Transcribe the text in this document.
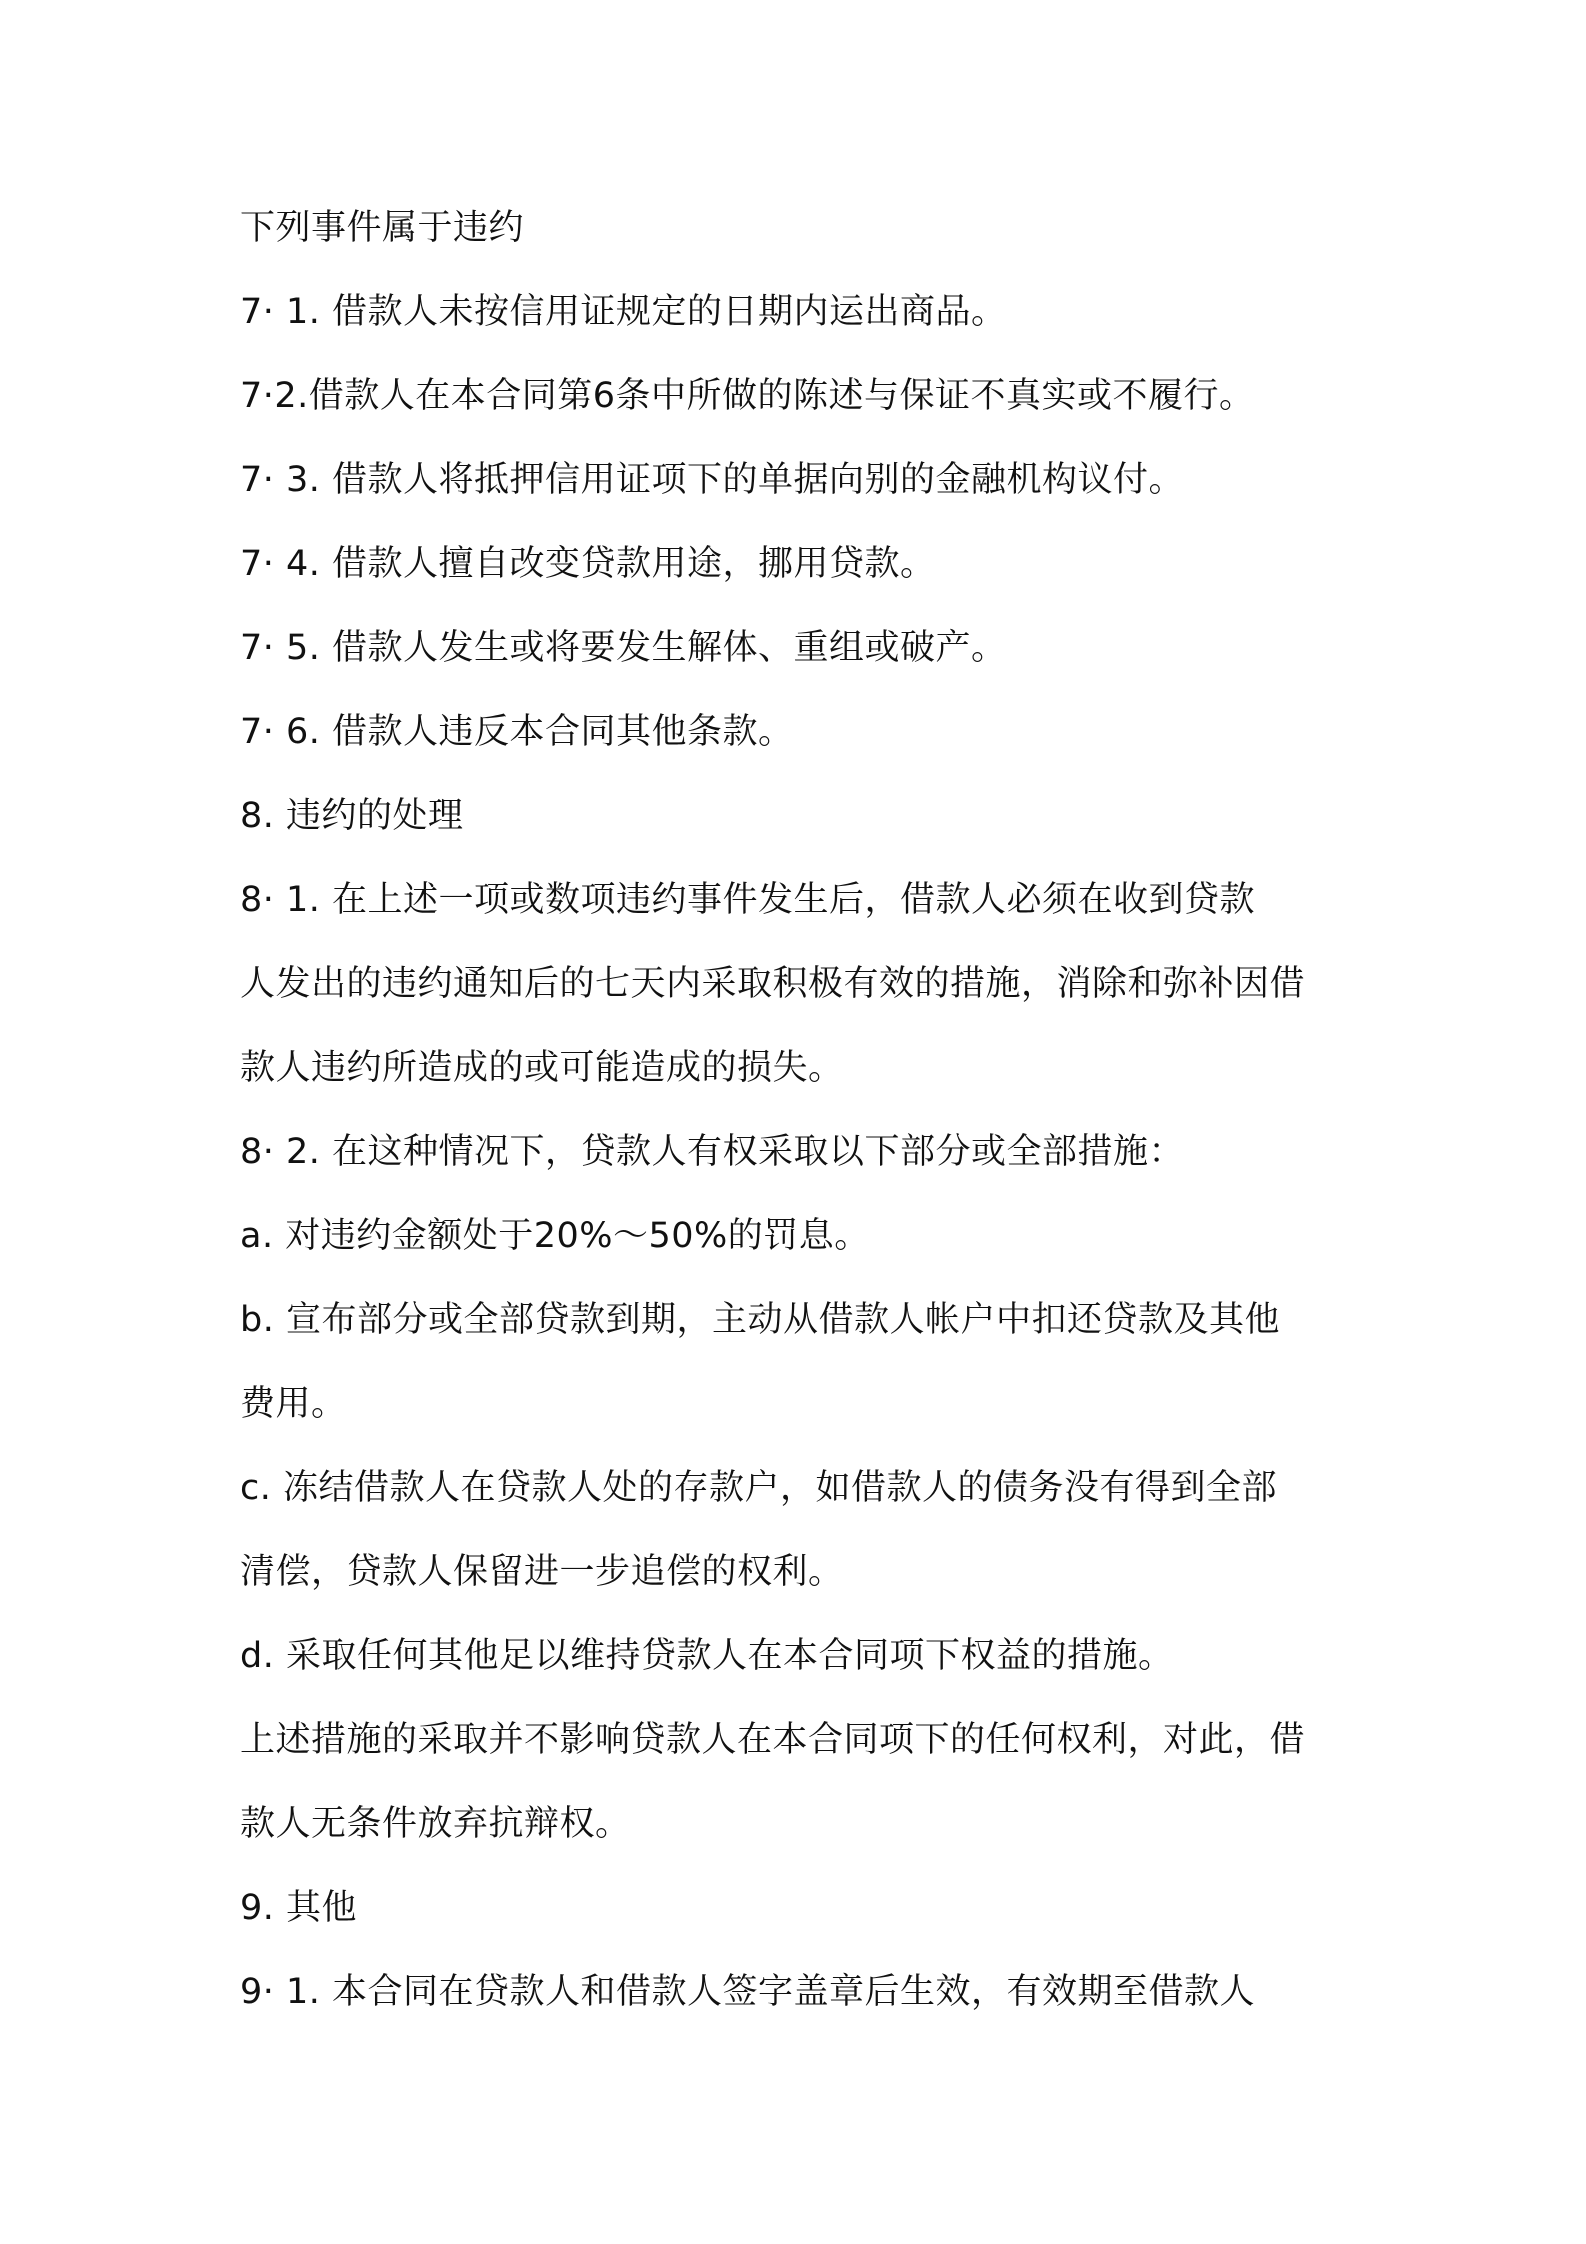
下列事件属于违约
7· 1. 借款人未按信用证规定的日期内运出商品。
7·2.借款人在本合同第6条中所做的陈述与保证不真实或不履行。
7· 3. 借款人将抵押信用证项下的单据向别的金融机构议付。
7· 4. 借款人擅自改变贷款用途，挪用贷款。
7· 5. 借款人发生或将要发生解体、重组或破产。
7· 6. 借款人违反本合同其他条款。
8. 违约的处理
8· 1. 在上述一项或数项违约事件发生后，借款人必须在收到贷款
人发出的违约通知后的七天内采取积极有效的措施，消除和弥补因借
款人违约所造成的或可能造成的损失。
8· 2. 在这种情况下，贷款人有权采取以下部分或全部措施：
a. 对违约金额处于20%～50%的罚息。
b. 宣布部分或全部贷款到期，主动从借款人帐户中扣还贷款及其他
费用。
c. 冻结借款人在贷款人处的存款户，如借款人的债务没有得到全部
清偿，贷款人保留进一步追偿的权利。
d. 采取任何其他足以维持贷款人在本合同项下权益的措施。
上述措施的采取并不影响贷款人在本合同项下的任何权利，对此，借
款人无条件放弃抗辩权。
9. 其他
9· 1. 本合同在贷款人和借款人签字盖章后生效，有效期至借款人
